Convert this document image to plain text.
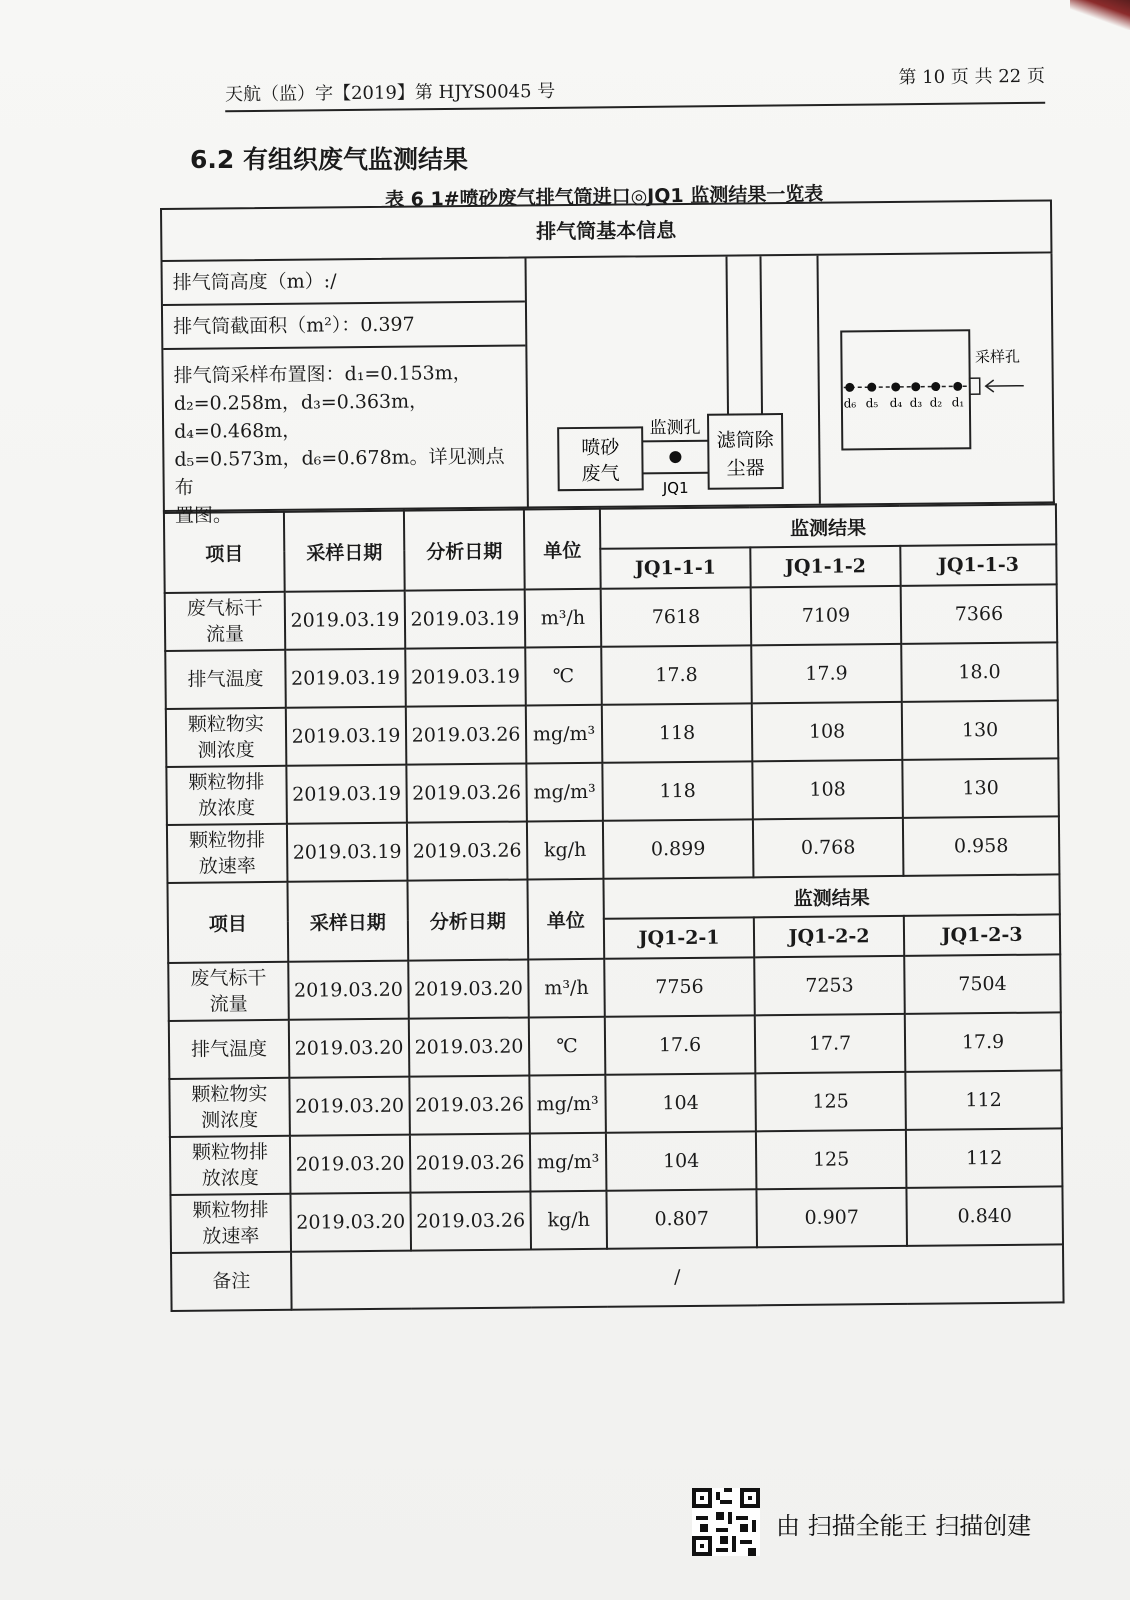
天航（监）字【2019】第 HJYS0045 号
第 10 页 共 22 页
6.2 有组织废气监测结果
表 6 1#喷砂废气排气筒进口◎JQ1 监测结果一览表
排气筒基本信息
排气筒高度（m）:/
排气筒截面积（m²）：0.397
排气筒采样布置图：d₁=0.153m，
d₂=0.258m，d₃=0.363m，d₄=0.468m，
d₅=0.573m，d₆=0.678m。详见测点布
置图。
喷砂
废气
监测孔
JQ1
滤筒除
尘器
d₆ d₅ d₄ d₃ d₂ d₁
采样孔
项目	采样日期	分析日期	单位	监测结果		
				JQ1-1-1	JQ1-1-2	JQ1-1-3

废气标干
流量	2019.03.19	2019.03.19	m³/h	7618	7109	7366

排气温度	2019.03.19	2019.03.19	℃	17.8	17.9	18.0

颗粒物实
测浓度	2019.03.19	2019.03.26	mg/m³	118	108	130

颗粒物排
放浓度	2019.03.19	2019.03.26	mg/m³	118	108	130

颗粒物排
放速率	2019.03.19	2019.03.26	kg/h	0.899	0.768	0.958
项目	采样日期	分析日期	单位	监测结果		
				JQ1-2-1	JQ1-2-2	JQ1-2-3

废气标干
流量	2019.03.20	2019.03.20	m³/h	7756	7253	7504

排气温度	2019.03.20	2019.03.20	℃	17.6	17.7	17.9

颗粒物实
测浓度	2019.03.20	2019.03.26	mg/m³	104	125	112

颗粒物排
放浓度	2019.03.20	2019.03.26	mg/m³	104	125	112

颗粒物排
放速率	2019.03.20	2019.03.26	kg/h	0.807	0.907	0.840
备注	/					
由 扫描全能王 扫描创建
